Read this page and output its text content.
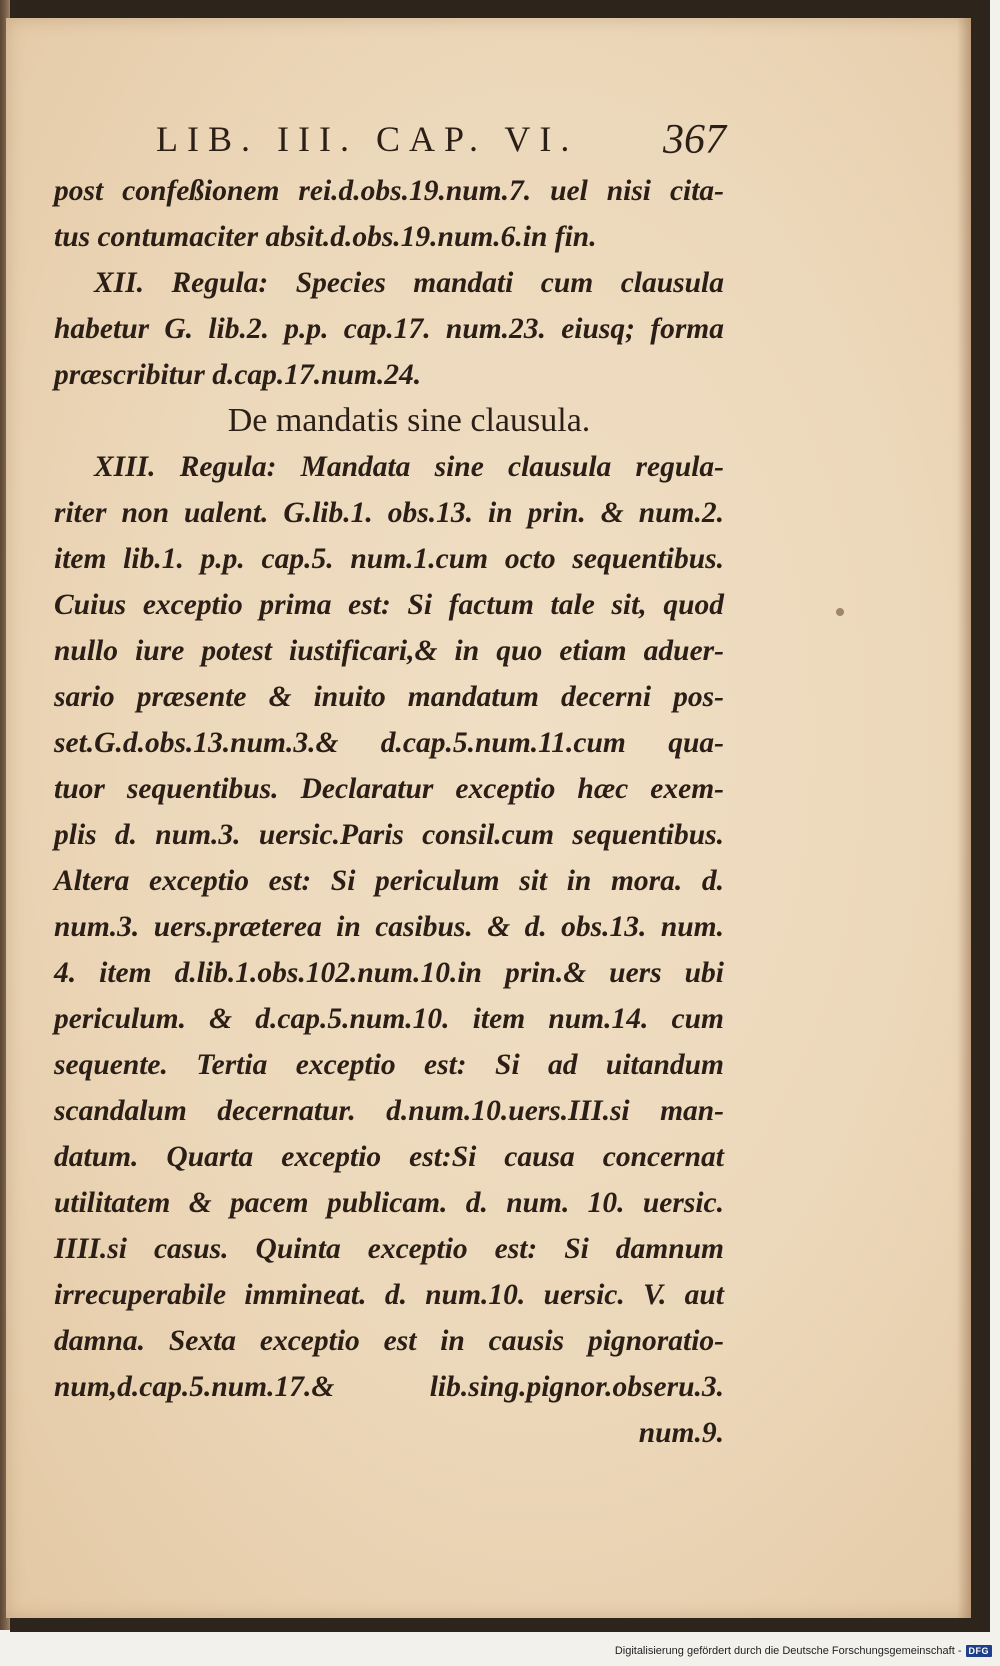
LIB. III. CAP. VI. 367
post confeßionem rei.d.obs.19.num.7. uel nisi cita-
tus contumaciter absit.d.obs.19.num.6.in fin.
XII. Regula: Species mandati cum clausula
habetur G. lib.2. p.p. cap.17. num.23. eiusq; forma
præscribitur d.cap.17.num.24.
De mandatis sine clausula.
XIII. Regula: Mandata sine clausula regula-
riter non ualent. G.lib.1. obs.13. in prin. & num.2.
item lib.1. p.p. cap.5. num.1.cum octo sequentibus.
Cuius exceptio prima est: Si factum tale sit, quod
nullo iure potest iustificari,& in quo etiam aduer-
sario præsente & inuito mandatum decerni pos-
set.G.d.obs.13.num.3.& d.cap.5.num.11.cum qua-
tuor sequentibus. Declaratur exceptio hæc exem-
plis d. num.3. uersic.Paris consil.cum sequentibus.
Altera exceptio est: Si periculum sit in mora. d.
num.3. uers.præterea in casibus. & d. obs.13. num.
4. item d.lib.1.obs.102.num.10.in prin.& uers ubi
periculum. & d.cap.5.num.10. item num.14. cum
sequente. Tertia exceptio est: Si ad uitandum
scandalum decernatur. d.num.10.uers.III.si man-
datum. Quarta exceptio est:Si causa concernat
utilitatem & pacem publicam. d. num. 10. uersic.
IIII.si casus. Quinta exceptio est: Si damnum
irrecuperabile immineat. d. num.10. uersic. V. aut
damna. Sexta exceptio est in causis pignoratio-
num,d.cap.5.num.17.& lib.sing.pignor.obseru.3.
num.9.
Digitalisierung gefördert durch die Deutsche Forschungsgemeinschaft - DFG
